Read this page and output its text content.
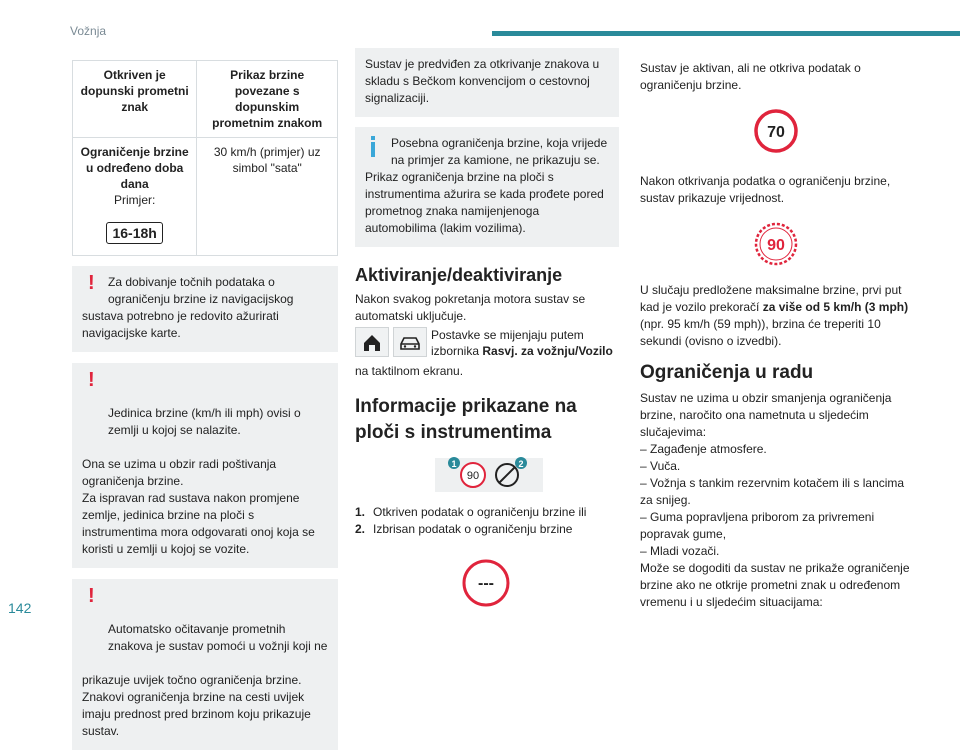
Vožnja
Otkriven je dopunski prometni znak	Prikaz brzine povezane s dopunskim prometnim znakom

Ograničenje brzine u određeno doba dana
Primjer:
16-18h	30 km/h (primjer) uz simbol "sata"
!	Za dobivanje točnih podataka o ograničenju brzine iz navigacijskog
sustava potrebno je redovito ažurirati navigacijske karte.

!

Jedinica brzine (km/h ili mph) ovisi o zemlji u kojoj se nalazite.

Ona se uzima u obzir radi poštivanja ograničenja brzine.
Za ispravan rad sustava nakon promjene zemlje, jedinica brzine na ploči s instrumentima mora odgovarati onoj koja se koristi u zemlji u kojoj se vozite.

!

Automatsko očitavanje prometnih znakova je sustav pomoći u vožnji koji ne

prikazuje uvijek točno ograničenja brzine.
Znakovi ograničenja brzine na cesti uvijek imaju prednost pred brzinom koju prikazuje sustav.

Sustav je predviđen za otkrivanje znakova u skladu s Bečkom konvencijom o cestovnoj signalizaciji.
Posebna ograničenja brzine, koja vrijede na primjer za kamione, ne prikazuju se.
Prikaz ograničenja brzine na ploči s instrumentima ažurira se kada prođete pored prometnog znaka namijenjenoga automobilima (lakim vozilima).
Aktiviranje/deaktiviranje
Nakon svakog pokretanja motora sustav se automatski uključuje.

Postavke se mijenjaju putem izbornika Rasvj. za vožnju/Vozilo
na taktilnom ekranu.
Informacije prikazane na ploči s instrumentima
90
1	2
1. Otkriven podatak o ograničenju brzine ili
2. Izbrisan podatak o ograničenju brzine
---
Sustav je aktivan, ali ne otkriva podatak o ograničenju brzine.
70
Nakon otkrivanja podatka o ograničenju brzine, sustav prikazuje vrijednost.
90
U slučaju predložene maksimalne brzine, prvi put kad je vozilo prekoračí za više od 5 km/h (3 mph) (npr. 95 km/h (59 mph)), brzina će treperiti 10 sekundi (ovisno o izvedbi).
Ograničenja u radu
Sustav ne uzima u obzir smanjenja ograničenja brzine, naročito ona nametnuta u sljedećim slučajevima:
– Zagađenje atmosfere.
– Vuča.
– Vožnja s tankim rezervnim kotačem ili s lancima za snijeg.
– Guma popravljena priborom za privremeni popravak gume,
– Mladi vozači.
Može se dogoditi da sustav ne prikaže ograničenje brzine ako ne otkrije prometni znak u određenom vremenu i u sljedećim situacijama:
142
